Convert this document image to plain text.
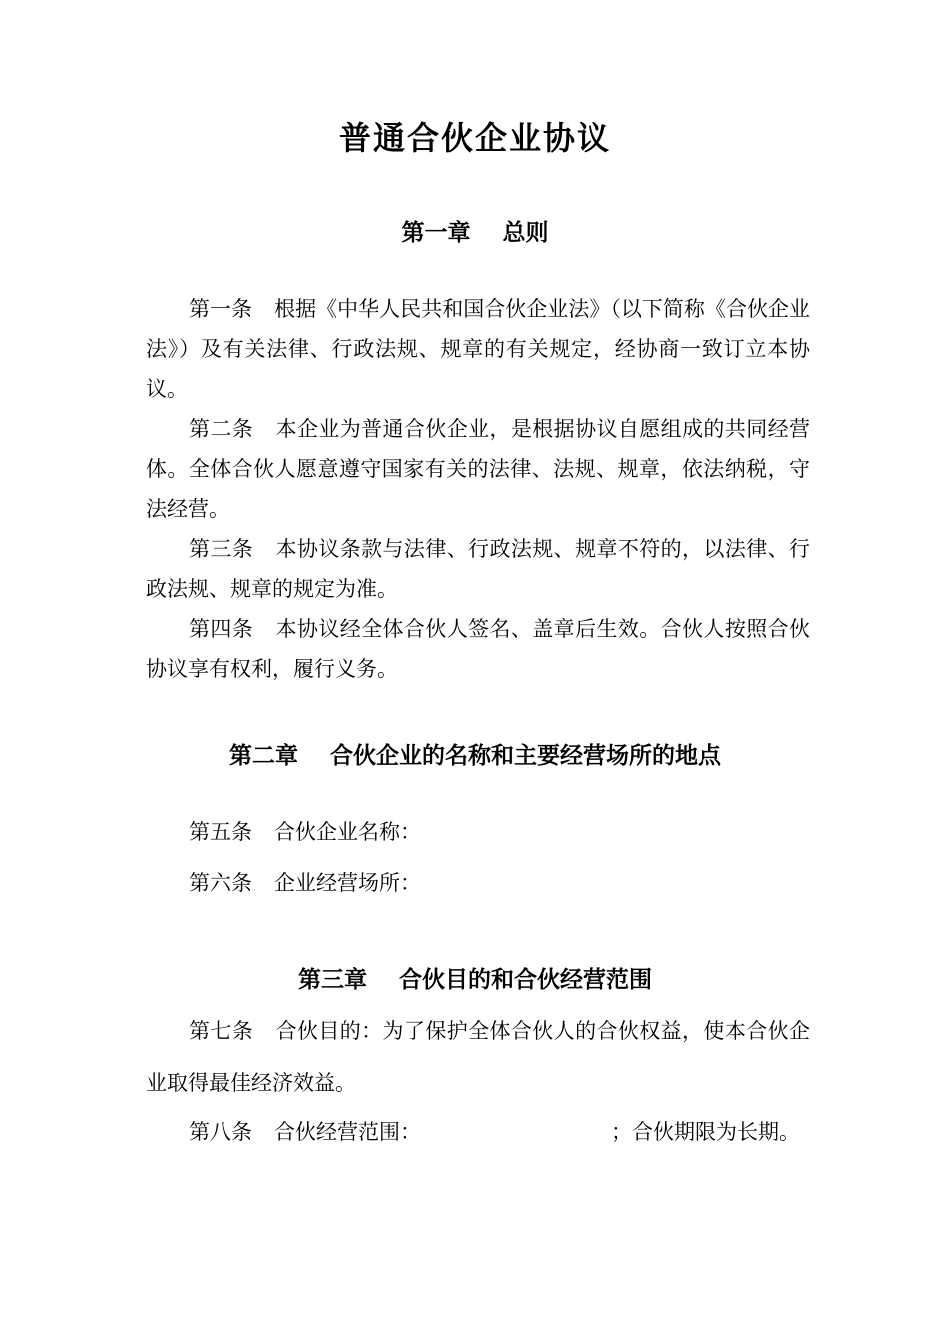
普通合伙企业协议
第一章 总则
第一条 根据《中华人民共和国合伙企业法》（以下简称《合伙企业法》）及有关法律、行政法规、规章的有关规定，经协商一致订立本协议。
第二条 本企业为普通合伙企业，是根据协议自愿组成的共同经营体。全体合伙人愿意遵守国家有关的法律、法规、规章，依法纳税，守法经营。
第三条 本协议条款与法律、行政法规、规章不符的，以法律、行政法规、规章的规定为准。
第四条 本协议经全体合伙人签名、盖章后生效。合伙人按照合伙协议享有权利，履行义务。
第二章 合伙企业的名称和主要经营场所的地点
第五条 合伙企业名称：
第六条 企业经营场所：
第三章 合伙目的和合伙经营范围
第七条 合伙目的：为了保护全体合伙人的合伙权益，使本合伙企业取得最佳经济效益。
第八条 合伙经营范围：	；合伙期限为长期。
